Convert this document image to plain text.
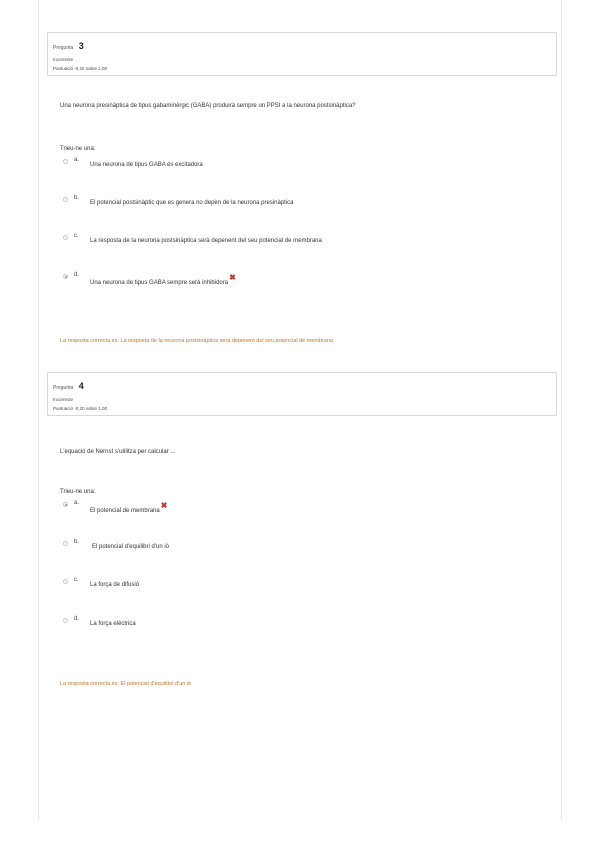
Pregunta 3
Incorrecte
Puntuació -0,20 sobre 1,00
Una neurona presinàptica de tipus gabaminèrgic (GABA) produirà sempre un PPSI a la neurona postsinàptica?
Trieu-ne una:
a.
Una neurona de tipus GABA és excitadora
b.
El potencial postsinàptic que es genera no depèn de la neurona presinàptica
c.
La resposta de la neurona postsinàptica serà depenent del seu potencial de membrana
d.
Una neurona de tipus GABA sempre serà inhibidora✖
La resposta correcta és: La resposta de la neurona postsinàptica serà depenent del seu potencial de membrana
Pregunta 4
Incorrecte
Puntuació -0,20 sobre 1,00
L'equació de Nernst s'utilitza per calcular ...
Trieu-ne una:
a.
El potencial de membrana✖
b.
El potencial d'equilibri d'un ió
c.
La força de difusió
d.
La força elèctrica
La resposta correcta és: El potencial d'equilibri d'un ió
